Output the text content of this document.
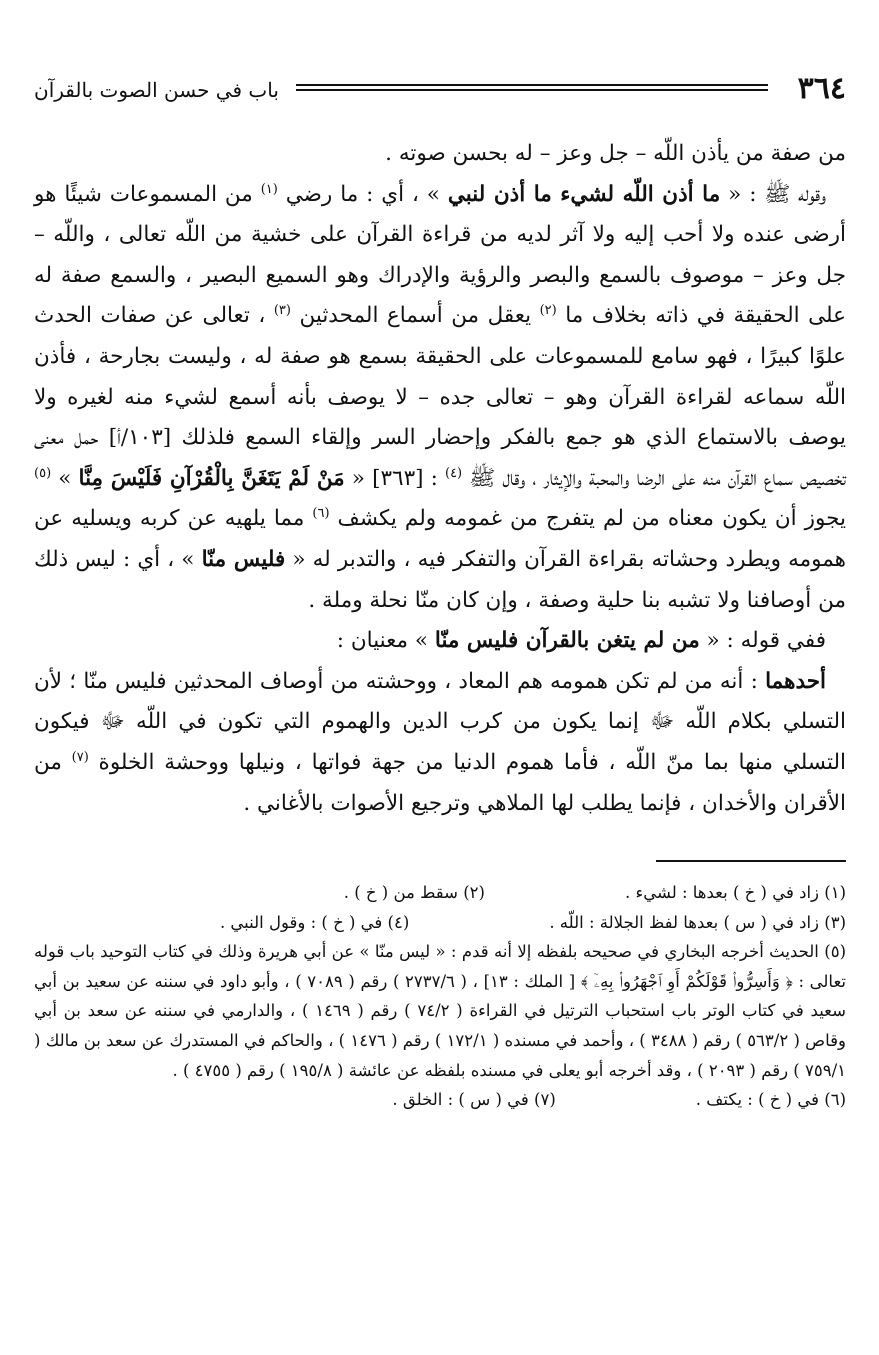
٣٦٤
باب في حسن الصوت بالقرآن

من صفة من يأذن اللّه – جل وعز – له بحسن صوته .

وقوله ﷺ : « ما أذن اللّه لشيء ما أذن لنبي » ، أي : ما رضي $^{(١)}$ من المسموعات شيئًا هو أرضى عنده ولا أحب إليه ولا آثر لديه من قراءة القرآن على خشية من اللّه تعالى ، واللّه – جل وعز – موصوف بالسمع والبصر والرؤية والإدراك وهو السميع البصير ، والسمع صفة له على الحقيقة في ذاته بخلاف ما $^{(٢)}$ يعقل من أسماع المحدثين $^{(٣)}$ ، تعالى عن صفات الحدث علوًا كبيرًا ، فهو سامع للمسموعات على الحقيقة بسمع هو صفة له ، وليست بجارحة ، فأذن اللّه سماعه لقراءة القرآن وهو – تعالى جده – لا يوصف بأنه أسمع لشيء منه لغيره ولا يوصف بالاستماع الذي هو جمع بالفكر وإحضار السر وإلقاء السمع فلذلك [١٠٣/أ] حمل معنى تخصيص سماع القرآن منه على الرضا والمحبة والإيثار ، وقال ﷺ $^{(٤)}$ : [٣٦٣] « مَنْ لَمْ يَتَغَنَّ بِالْقُرْآنِ فَلَيْسَ مِنَّا » $^{(٥)}$ يجوز أن يكون معناه من لم يتفرج من غمومه ولم يكشف $^{(٦)}$ مما يلهيه عن كربه ويسليه عن همومه ويطرد وحشاته بقراءة القرآن والتفكر فيه ، والتدبر له « فليس منّا » ، أي : ليس ذلك من أوصافنا ولا تشبه بنا حلية وصفة ، وإن كان منّا نحلة وملة .

ففي قوله : « من لم يتغن بالقرآن فليس منّا » معنيان :

أحدهما : أنه من لم تكن همومه هم المعاد ، ووحشته من أوصاف المحدثين فليس منّا ؛ لأن التسلي بكلام اللّه ﷻ إنما يكون من كرب الدين والهموم التي تكون في اللّه ﷻ فيكون التسلي منها بما منّ اللّه ، فأما هموم الدنيا من جهة فواتها ، ونيلها ووحشة الخلوة $^{(٧)}$ من الأقران والأخدان ، فإنما يطلب لها الملاهي وترجيع الأصوات بالأغاني .

(١) زاد في ( خ ) بعدها : لشيء .
(٢) سقط من ( خ ) .
(٣) زاد في ( س ) بعدها لفظ الجلالة : اللّه .
(٤) في ( خ ) : وقول النبي .

(٥) الحديث أخرجه البخاري في صحيحه بلفظه إلا أنه قدم : « ليس منّا » عن أبي هريرة وذلك في كتاب التوحيد باب قوله تعالى : ﴿ وَأَسِرُّوا۟ قَوْلَكُمْ أَوِ ٱجْهَرُوا۟ بِهِۦٓ ﴾ [ الملك : ١٣] ، ( ٢٧٣٧/٦ ) رقم ( ٧٠٨٩ ) ، وأبو داود في سننه عن سعيد بن أبي سعيد في كتاب الوتر باب استحباب الترتيل في القراءة ( ٧٤/٢ ) رقم ( ١٤٦٩ ) ، والدارمي في سننه عن سعد بن أبي وقاص ( ٥٦٣/٢ ) رقم ( ٣٤٨٨ ) ، وأحمد في مسنده ( ١٧٢/١ ) رقم ( ١٤٧٦ ) ، والحاكم في المستدرك عن سعد بن مالك ( ٧٥٩/١ ) رقم ( ٢٠٩٣ ) ، وقد أخرجه أبو يعلى في مسنده بلفظه عن عائشة ( ١٩٥/٨ ) رقم ( ٤٧٥٥ ) .

(٦) في ( خ ) : يكتف .
(٧) في ( س ) : الخلق .
